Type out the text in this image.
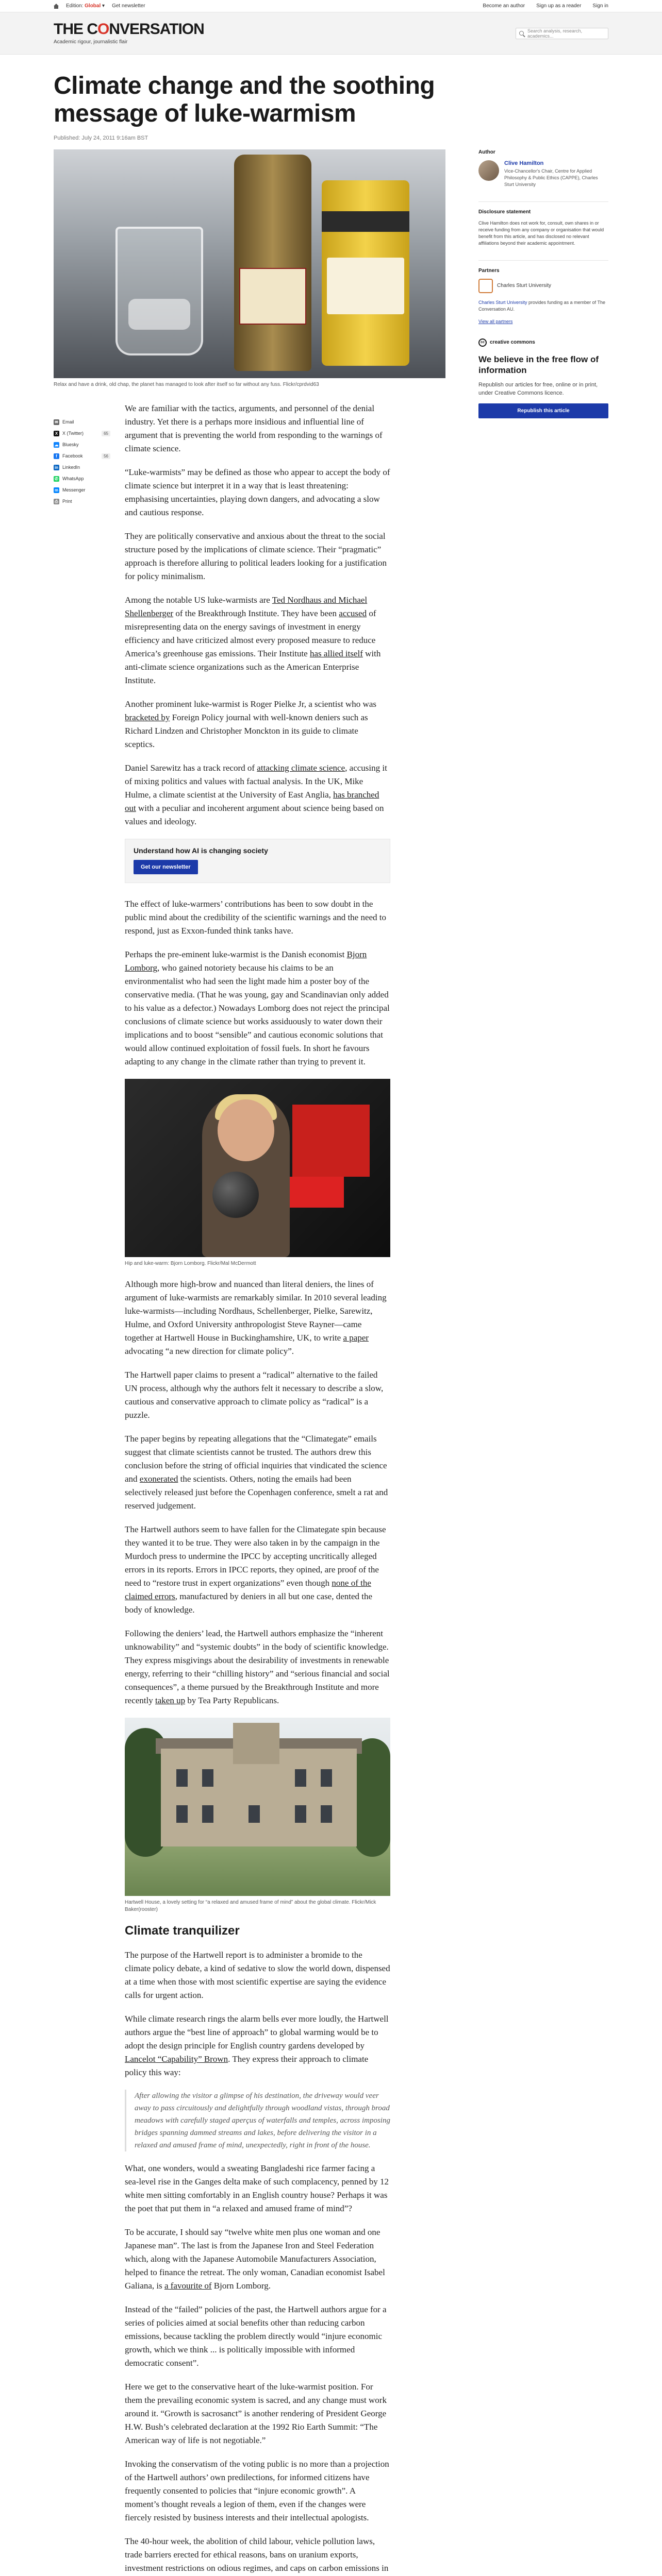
Edition: Global ▾ Get newsletter	Become an author Sign up as a reader Sign in
THE CONVERSATION
Academic rigour, journalistic flair
Search analysis, research, academics...
Climate change and the soothing message of luke-warmism
Published: July 24, 2011 9:16am BST
Relax and have a drink, old chap, the planet has managed to look after itself so far without any fuss. Flickr/cprdvid63
✉ Email
X X (Twitter)	65
☁ Bluesky
f	Facebook	56
in LinkedIn
✆ WhatsApp
m Messenger
⎙ Print

We are familiar with the tactics, arguments, and personnel of the denial industry. Yet there is a perhaps more insidious and influential line of argument that is preventing the world from responding to the warnings of climate science.

“Luke-warmists” may be defined as those who appear to accept the body of climate science but interpret it in a way that is least threatening: emphasising uncertainties, playing down dangers, and advocating a slow and cautious response.

They are politically conservative and anxious about the threat to the social structure posed by the implications of climate science. Their “pragmatic” approach is therefore alluring to political leaders looking for a justification for policy minimalism.

Among the notable US luke-warmists are Ted Nordhaus and Michael Shellenberger of the Breakthrough Institute. They have been accused of misrepresenting data on the energy savings of investment in energy efficiency and have criticized almost every proposed measure to reduce America’s greenhouse gas emissions. Their Institute has allied itself with anti-climate science organizations such as the American Enterprise Institute.

Another prominent luke-warmist is Roger Pielke Jr, a scientist who was bracketed by Foreign Policy journal with well-known deniers such as Richard Lindzen and Christopher Monckton in its guide to climate sceptics.

Daniel Sarewitz has a track record of attacking climate science, accusing it of mixing politics and values with factual analysis. In the UK, Mike Hulme, a climate scientist at the University of East Anglia, has branched out with a peculiar and incoherent argument about science being based on values and ideology.

Understand how AI is changing society
Get our newsletter

The effect of luke-warmers’ contributions has been to sow doubt in the public mind about the credibility of the scientific warnings and the need to respond, just as Exxon-funded think tanks have.

Perhaps the pre-eminent luke-warmist is the Danish economist Bjorn Lomborg, who gained notoriety because his claims to be an environmentalist who had seen the light made him a poster boy of the conservative media. (That he was young, gay and Scandinavian only added to his value as a defector.) Nowadays Lomborg does not reject the principal conclusions of climate science but works assiduously to water down their implications and to boost “sensible” and cautious economic solutions that would allow continued exploitation of fossil fuels. In short he favours adapting to any change in the climate rather than trying to prevent it.

Hip and luke-warm: Bjorn Lomborg. Flickr/Mal McDermott

Although more high-brow and nuanced than literal deniers, the lines of argument of luke-warmists are remarkably similar. In 2010 several leading luke-warmists—including Nordhaus, Schellenberger, Pielke, Sarewitz, Hulme, and Oxford University anthropologist Steve Rayner—came together at Hartwell House in Buckinghamshire, UK, to write a paper advocating “a new direction for climate policy”.

The Hartwell paper claims to present a “radical” alternative to the failed UN process, although why the authors felt it necessary to describe a slow, cautious and conservative approach to climate policy as “radical” is a puzzle.

The paper begins by repeating allegations that the “Climategate” emails suggest that climate scientists cannot be trusted. The authors drew this conclusion before the string of official inquiries that vindicated the science and exonerated the scientists. Others, noting the emails had been selectively released just before the Copenhagen conference, smelt a rat and reserved judgement.

The Hartwell authors seem to have fallen for the Climategate spin because they wanted it to be true. They were also taken in by the campaign in the Murdoch press to undermine the IPCC by accepting uncritically alleged errors in its reports. Errors in IPCC reports, they opined, are proof of the need to “restore trust in expert organizations” even though none of the claimed errors, manufactured by deniers in all but one case, dented the body of knowledge.

Following the deniers’ lead, the Hartwell authors emphasize the “inherent unknowability” and “systemic doubts” in the body of scientific knowledge. They express misgivings about the desirability of investments in renewable energy, referring to their “chilling history” and “serious financial and social consequences”, a theme pursued by the Breakthrough Institute and more recently taken up by Tea Party Republicans.

Hartwell House, a lovely setting for “a relaxed and amused frame of mind” about the global climate. Flickr/Mick Baker(rooster)
Climate tranquilizer

The purpose of the Hartwell report is to administer a bromide to the climate policy debate, a kind of sedative to slow the world down, dispensed at a time when those with most scientific expertise are saying the evidence calls for urgent action.

While climate research rings the alarm bells ever more loudly, the Hartwell authors argue the “best line of approach” to global warming would be to adopt the design principle for English country gardens developed by Lancelot “Capability” Brown. They express their approach to climate policy this way:

After allowing the visitor a glimpse of his destination, the driveway would veer away to pass circuitously and delightfully through woodland vistas, through broad meadows with carefully staged aperçus of waterfalls and temples, across imposing bridges spanning dammed streams and lakes, before delivering the visitor in a relaxed and amused frame of mind, unexpectedly, right in front of the house.

What, one wonders, would a sweating Bangladeshi rice farmer facing a sea-level rise in the Ganges delta make of such complacency, penned by 12 white men sitting comfortably in an English country house? Perhaps it was the poet that put them in “a relaxed and amused frame of mind”?

To be accurate, I should say “twelve white men plus one woman and one Japanese man”. The last is from the Japanese Iron and Steel Federation which, along with the Japanese Automobile Manufacturers Association, helped to finance the retreat. The only woman, Canadian economist Isabel Galiana, is a favourite of Bjorn Lomborg.

Instead of the “failed” policies of the past, the Hartwell authors argue for a series of policies aimed at social benefits other than reducing carbon emissions, because tackling the problem directly would “injure economic growth, which we think ... is politically impossible with informed democratic consent”.

Here we get to the conservative heart of the luke-warmist position. For them the prevailing economic system is sacred, and any change must work around it. “Growth is sacrosanct” is another rendering of President George H.W. Bush’s celebrated declaration at the 1992 Rio Earth Summit: “The American way of life is not negotiable.”

Invoking the conservatism of the voting public is no more than a projection of the Hartwell authors’ own predilections, for informed citizens have frequently consented to policies that “injure economic growth”. A moment’s thought reveals a legion of them, even if the changes were fiercely resisted by business interests and their intellectual apologists.

The 40-hour week, the abolition of child labour, vehicle pollution laws, trade barriers erected for ethical reasons, bans on uranium exports, investment restrictions on odious regimes, and caps on carbon emissions in

Author
Clive Hamilton
Vice-Chancellor's Chair, Centre for Applied Philosophy & Public Ethics (CAPPE), Charles Sturt University
Disclosure statement
Clive Hamilton does not work for, consult, own shares in or receive funding from any company or organisation that would benefit from this article, and has disclosed no relevant affiliations beyond their academic appointment.
Partners
Charles Sturt University
Charles Sturt University provides funding as a member of The Conversation AU.
View all partners
cc	creative commons
We believe in the free flow of information
Republish our articles for free, online or in print, under Creative Commons licence.
Republish this article
